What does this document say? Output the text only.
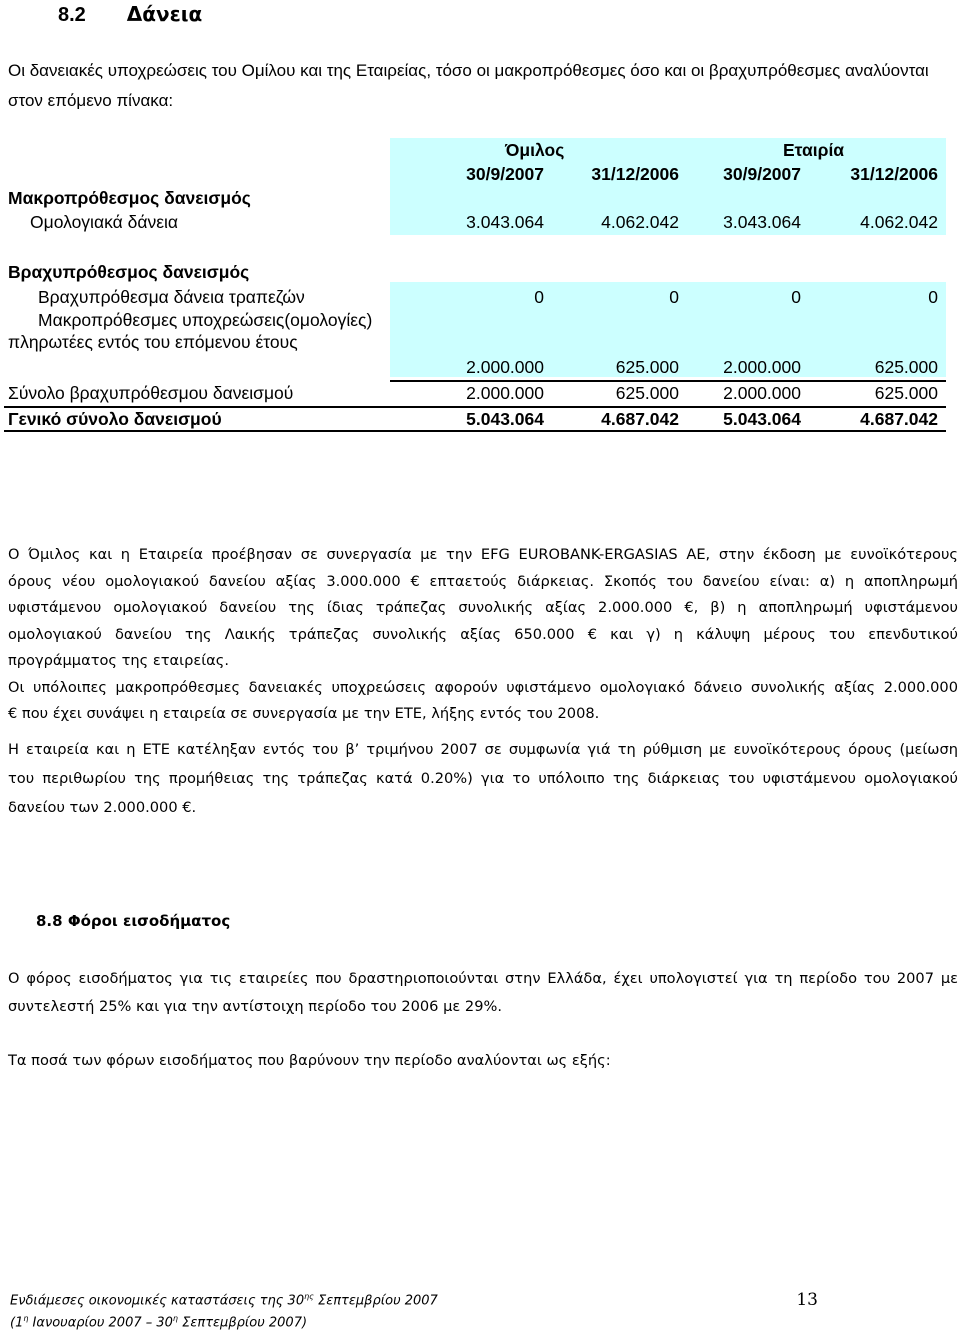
8.2 Δάνεια
Οι δανειακές υποχρεώσεις του Ομίλου και της Εταιρείας, τόσο οι μακροπρόθεσμες όσο και οι βραχυπρόθεσμες αναλύονται στον επόμενο πίνακα:
Όμιλος	Εταιρία
30/9/2007	31/12/2006	30/9/2007	31/12/2006
Μακροπρόθεσμος δανεισμός
Ομολογιακά δάνεια	3.043.064	4.062.042	3.043.064	4.062.042
Βραχυπρόθεσμος δανεισμός
Βραχυπρόθεσμα δάνεια τραπεζών	0	0	0	0
Μακροπρόθεσμες υποχρεώσεις(ομολογίες)
πληρωτέες εντός του επόμενου έτους
2.000.000	625.000	2.000.000	625.000
Σύνολο βραχυπρόθεσμου δανεισμού	2.000.000	625.000	2.000.000	625.000
Γενικό σύνολο δανεισμού	5.043.064	4.687.042	5.043.064	4.687.042

Ο Όμιλος και η Εταιρεία προέβησαν σε συνεργασία με την EFG EUROBANK-ERGASIAS AE, στην έκδοση με ευνοϊκότερους

όρους νέου ομολογιακού δανείου αξίας 3.000.000 € επταετούς διάρκειας. Σκοπός του δανείου είναι: α) η αποπληρωμή

υφιστάμενου ομολογιακού δανείου της ίδιας τράπεζας συνολικής αξίας 2.000.000 €, β) η αποπληρωμή υφιστάμενου

ομολογιακού δανείου της Λαικής τράπεζας συνολικής αξίας 650.000 € και γ) η κάλυψη μέρους του επενδυτικού

προγράμματος της εταιρείας.

Οι υπόλοιπες μακροπρόθεσμες δανειακές υποχρεώσεις αφορούν υφιστάμενο ομολογιακό δάνειο συνολικής αξίας 2.000.000

€ που έχει συνάψει η εταιρεία σε συνεργασία με την ΕΤΕ, λήξης εντός του 2008.

Η εταιρεία και η ΕΤΕ κατέληξαν εντός του β’ τριμήνου 2007 σε συμφωνία γιά τη ρύθμιση με ευνοϊκότερους όρους (μείωση

του περιθωρίου της προμήθειας της τράπεζας κατά 0.20%) για το υπόλοιπο της διάρκειας του υφιστάμενου ομολογιακού

δανείου των 2.000.000 €.

8.8 Φόροι εισοδήματος

Ο φόρος εισοδήματος για τις εταιρείες που δραστηριοποιούνται στην Ελλάδα, έχει υπολογιστεί για τη περίοδο του 2007 με

συντελεστή 25% και για την αντίστοιχη περίοδο του 2006 με 29%.

Τα ποσά των φόρων εισοδήματος που βαρύνουν την περίοδο αναλύονται ως εξής:

Ενδιάμεσες οικονομικές καταστάσεις της $30^{\eta\varsigma}$ Σεπτεμβρίου 2007
($1^\eta$ Ιανουαρίου $2007 - 30^\eta$ Σεπτεμβρίου 2007)
13
